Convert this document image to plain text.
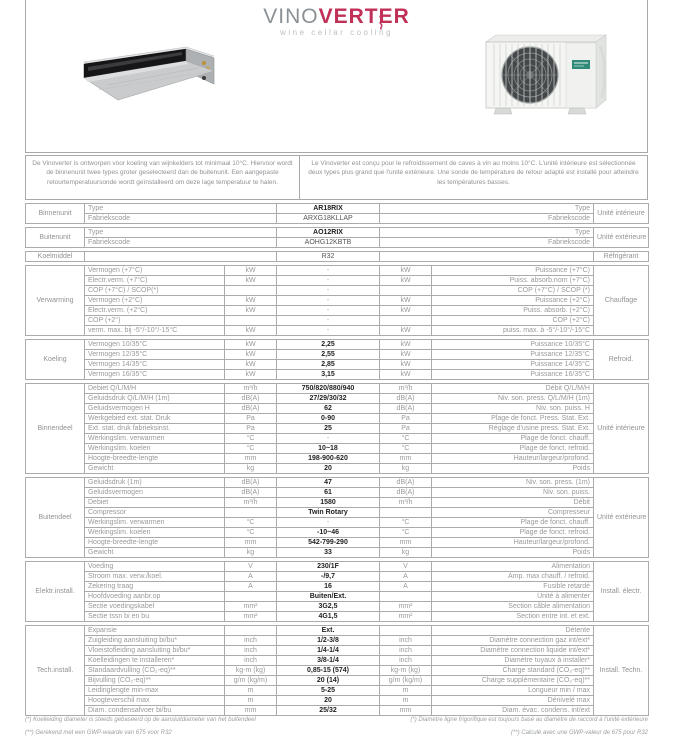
VINOVERTER
wine cellar cooling
De Vinoverter is ontworpen voor koeling van wijnkelders tot minimaal 10°C. Hiervoor wordt de binnenunit twee types groter geselecteerd dan de buitenunit. Een aangepaste retourtemperatuursonde wordt geïnstalleerd om deze lage temperatuur te halen.
Le Vinoverter est conçu pour le refroidissement de caves à vin au moins 10°C. L'unité intérieure est sélectionnée deux types plus grand que l'unité extérieure. Une sonde de température de retour adapté est installé pour atteindre les températures basses.
Binnenunit	Type	AR18RIX	Type	Unité intérieure
	Fabriekscode	ARXG18KLLAP	Fabriekscode	
Buitenunit	Type	AO12RIX	Type	Unité extérieure
	Fabriekscode	AOHG12KBTB	Fabriekscode	
Koelmiddel		R32		Réfrigérant
Verwarming	Vermogen (+7°C)	kW	-	kW	Puissance (+7°C)	Chauffage
	Electr.verm. (+7°C)	kW	-	kW	Puiss. absorb.nom (+7°C)	
	COP (+7°C) / SCOP(*)		-		COP (+7°C) / SCOP (*)	
	Vermogen (+2°C)	kW	-	kW	Puissance (+2°C)	
	Electr.verm. (+2°C)	kW	-	kW	Puiss. absorb. (+2°C)	
	COP (+2°)		-		COP (+2°C)	
	verm. max. bij -5°/-10°/-15°C	kW	-	kW	puiss. max. à -5°/-10°/-15°C	
Koeling	Vermogen 10/35°C	kW	2,25	kW	Puissance 10/35°C	Refroid.
	Vermogen 12/35°C	kW	2,55	kW	Puissance 12/35°C	
	Vermogen 14/35°C	kW	2,85	kW	Puissance 14/35°C	
	Vermogen 16/35°C	kW	3,15	kW	Puissance 16/35°C	
Binnendeel	Debiet Q/L/M/H	m³/h	750/820/880/940	m³/h	Débit Q/L/M/H	Unité intérieure
	Geluidsdruk Q/L/M/H (1m)	dB(A)	27/29/30/32	dB(A)	Niv. son. press. Q/L/M/H (1m)	
	Geluidsvermogen H	dB(A)	62	dB(A)	Niv. son. puiss. H	
	Werkgebied ext. stat. Druk	Pa	0-90	Pa	Plage de fonct. Press. Stat. Ext.	
	Ext. stat. druk fabrieksinst.	Pa	25	Pa	Réglage d'usine press. Stat. Ext.	
	Werkingslim. verwarmen	°C	-	°C	Plage de fonct. chauff.	
	Werkingslim. koelen	°C	10~18	°C	Plage de fonct. refroid.	
	Hoogte-breedte-lengte	mm	198-900-620	mm	Hauteur/largeur/profond.	
	Gewicht	kg	20	kg	Poids	
Buitendeel	Geluidsdruk (1m)	dB(A)	47	dB(A)	Niv. son. press. (1m)	Unité extérieure
	Geluidsvermogen	dB(A)	61	dB(A)	Niv. son. puiss.	
	Debiet	m³/h	1580	m³/h	Débit	
	Compressor		Twin Rotary		Compresseur	
	Werkingslim. verwarmen	°C	-	°C	Plage de fonct. chauff.	
	Werkingslim. koelen	°C	-10~46	°C	Plage de fonct. refroid.	
	Hoogte-breedte-lengte	mm	542-799-290	mm	Hauteur/largeur/profond.	
	Gewicht	kg	33	kg	Poids	
Elektr.install.	Voeding	V	230/1F	V	Alimentation	Install. électr.
	Stroom max. verw./koel.	A	-/9,7	A	Amp. max chauff. / refroid.	
	Zekering traag	A	16	A	Fusible retardé	
	Hoofdvoeding aanbr.op		Buiten/Ext.		Unité à alimenter	
	Sectie voedingskabel	mm²	3G2,5	mm²	Section câble alimentation	
	Sectie tssn bi en bu	mm²	4G1,5	mm²	Section entre int. et ext.	
Tech.install.	Expansie		Ext.		Détente	Install. Techn.
	Zuigleiding aansluiting bi/bu*	inch	1/2-3/8	inch	Diamètre connection gaz int/ext*	
	Vloeistofleiding aansluiting bi/bu*	inch	1/4-1/4	inch	Diamètre connection liquide int/ext*	
	Koelleidingen te installeren*	inch	3/8-1/4	inch	Diamètre tuyaux à installer*	
	Standaardvulling (CO₂-eq)**	kg-m (kg)	0,85-15 (574)	kg-m (kg)	Charge standard (CO₂-eq)**	
	Bijvulling (CO₂-eq)**	g/m (kg/m)	20 (14)	g/m (kg/m)	Charge supplémentaire (CO₂-eq)**	
	Leidinglengte min-max	m	5-25	m	Longueur min / max	
	Hoogteverschil max	m	20	m	Dénivelé max	
	Diam. condensafvoer bi/bu	mm	25/32	mm	Diam. évac. condens. int/ext	
(*) Koelleiding diameter is steeds gebaseerd op de aansluitdiameter van het buitendeel	(*) Diamètre ligne frigorifique est toujours basé au diamètre de raccord à l'unité extérieure
(**) Gerekend met een GWP-waarde van 675 voor R32	(**) Calculé avec une GWP-valeur de 675 pour R32
